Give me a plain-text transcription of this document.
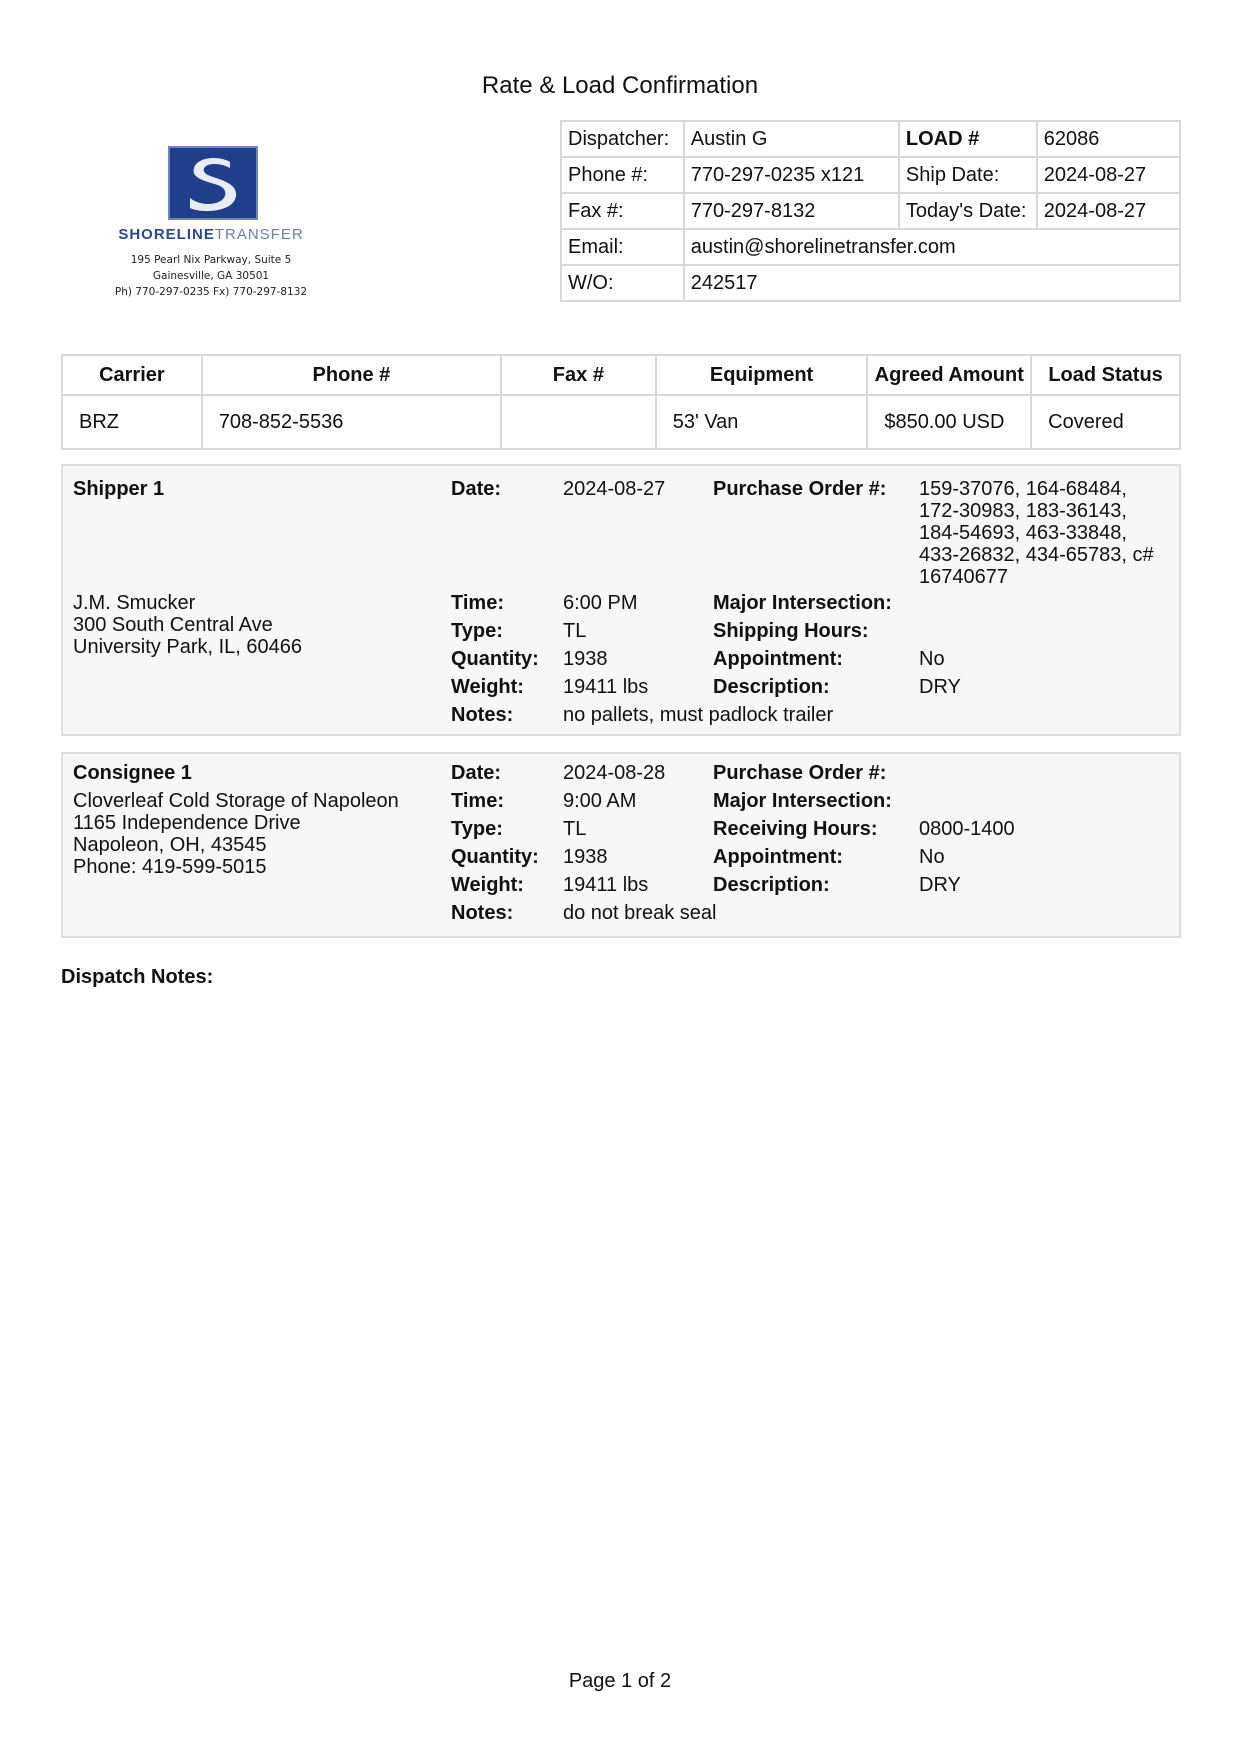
Rate & Load Confirmation
SHORELINETRANSFER
195 Pearl Nix Parkway, Suite 5
Gainesville, GA 30501
Ph) 770-297-0235 Fx) 770-297-8132
Dispatcher:	Austin G	LOAD #	62086
Phone #:	770-297-0235 x121	Ship Date:	2024-08-27
Fax #:	770-297-8132	Today's Date:	2024-08-27
Email:	austin@shorelinetransfer.com		
W/O:	242517		
Carrier	Phone #	Fax #	Equipment	Agreed Amount	Load Status
BRZ	708-852-5536		53' Van	$850.00 USD	Covered
Shipper 1
J.M. Smucker
300 South Central Ave
University Park, IL, 60466
Date:	2024-08-27 Purchase Order #: 159-37076, 164-68484, 172-30983, 183-36143, 184-54693, 463-33848, 433-26832, 434-65783, c# 16740677
Time:	6:00 PM	Major Intersection:
Type:	TL	Shipping Hours:
Quantity: 1938	Appointment:	No
Weight: 19411 lbs	Description:	DRY
Notes: no pallets, must padlock trailer
Consignee 1
Cloverleaf Cold Storage of Napoleon
1165 Independence Drive
Napoleon, OH, 43545
Phone: 419-599-5015
Date:	2024-08-28 Purchase Order #:
Time:	9:00 AM	Major Intersection:
Type:	TL	Receiving Hours: 0800-1400
Quantity: 1938	Appointment:	No
Weight: 19411 lbs	Description:	DRY
Notes: do not break seal
Dispatch Notes:
Page 1 of 2
